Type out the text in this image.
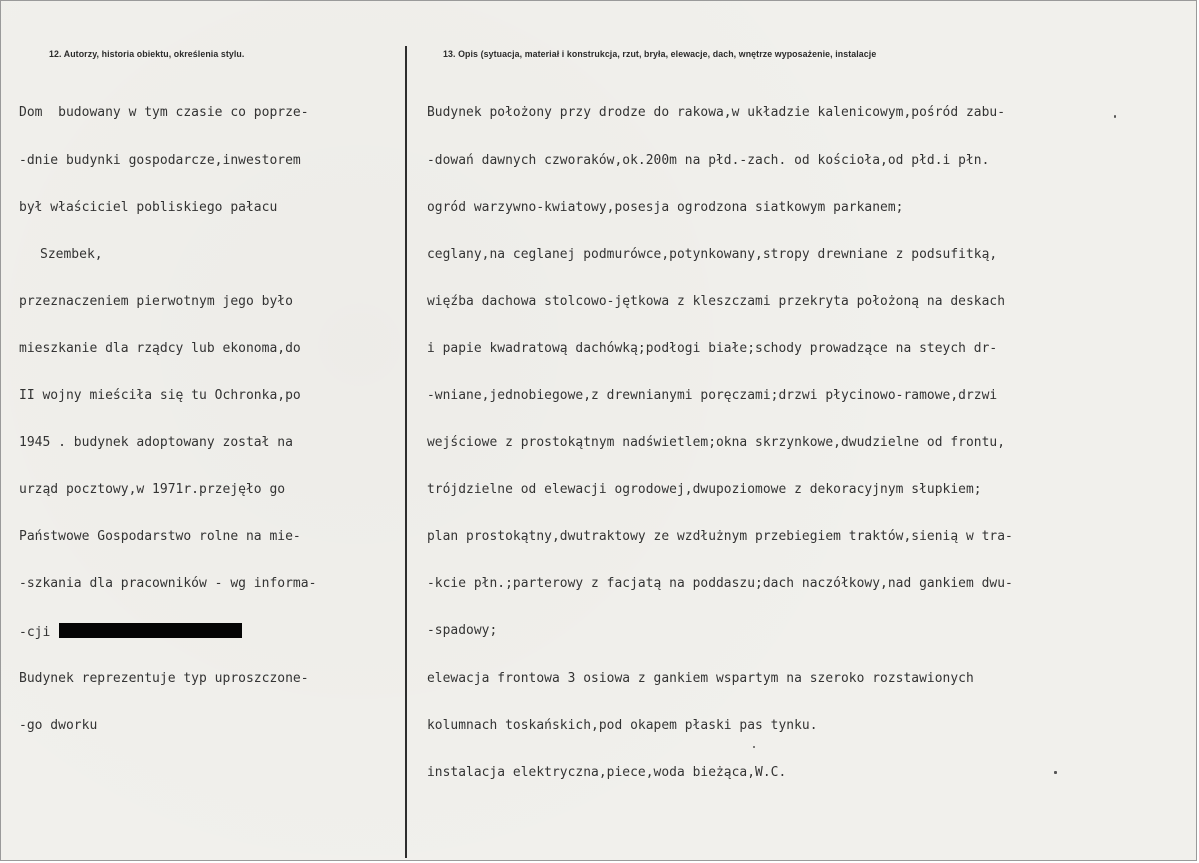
12. Autorzy, historia obiektu, określenia stylu.	13. Opis (sytuacja, materiał i konstrukcja, rzut, bryła, elewacje, dach, wnętrze wyposażenie, instalacje

Dom  budowany w tym czasie co poprze-

-dnie budynki gospodarcze,inwestorem

był właściciel pobliskiego pałacu

Szembek,

przeznaczeniem pierwotnym jego było

mieszkanie dla rządcy lub ekonoma,do

II wojny mieściła się tu Ochronka,po

1945 . budynek adoptowany został na

urząd pocztowy,w 1971r.przejęło go

Państwowe Gospodarstwo rolne na mie-

-szkania dla pracowników - wg informa-

-cji

Budynek reprezentuje typ uproszczone-

-go dworku

Budynek położony przy drodze do rakowa,w układzie kalenicowym,pośród zabu-

-dowań dawnych czworaków,ok.200m na płd.-zach. od kościoła,od płd.i płn.

ogród warzywno-kwiatowy,posesja ogrodzona siatkowym parkanem;

ceglany,na ceglanej podmurówce,potynkowany,stropy drewniane z podsufitką,

więźba dachowa stolcowo-jętkowa z kleszczami przekryta położoną na deskach

i papie kwadratową dachówką;podłogi białe;schody prowadzące na steych dr-

-wniane,jednobiegowe,z drewnianymi poręczami;drzwi płycinowo-ramowe,drzwi

wejściowe z prostokątnym nadświetlem;okna skrzynkowe,dwudzielne od frontu,

trójdzielne od elewacji ogrodowej,dwupoziomowe z dekoracyjnym słupkiem;

plan prostokątny,dwutraktowy ze wzdłużnym przebiegiem traktów,sienią w tra-

-kcie płn.;parterowy z facjatą na poddaszu;dach naczółkowy,nad gankiem dwu-

-spadowy;

elewacja frontowa 3 osiowa z gankiem wspartym na szeroko rozstawionych

kolumnach toskańskich,pod okapem płaski pas tynku.

instalacja elektryczna,piece,woda bieżąca,W.C.
